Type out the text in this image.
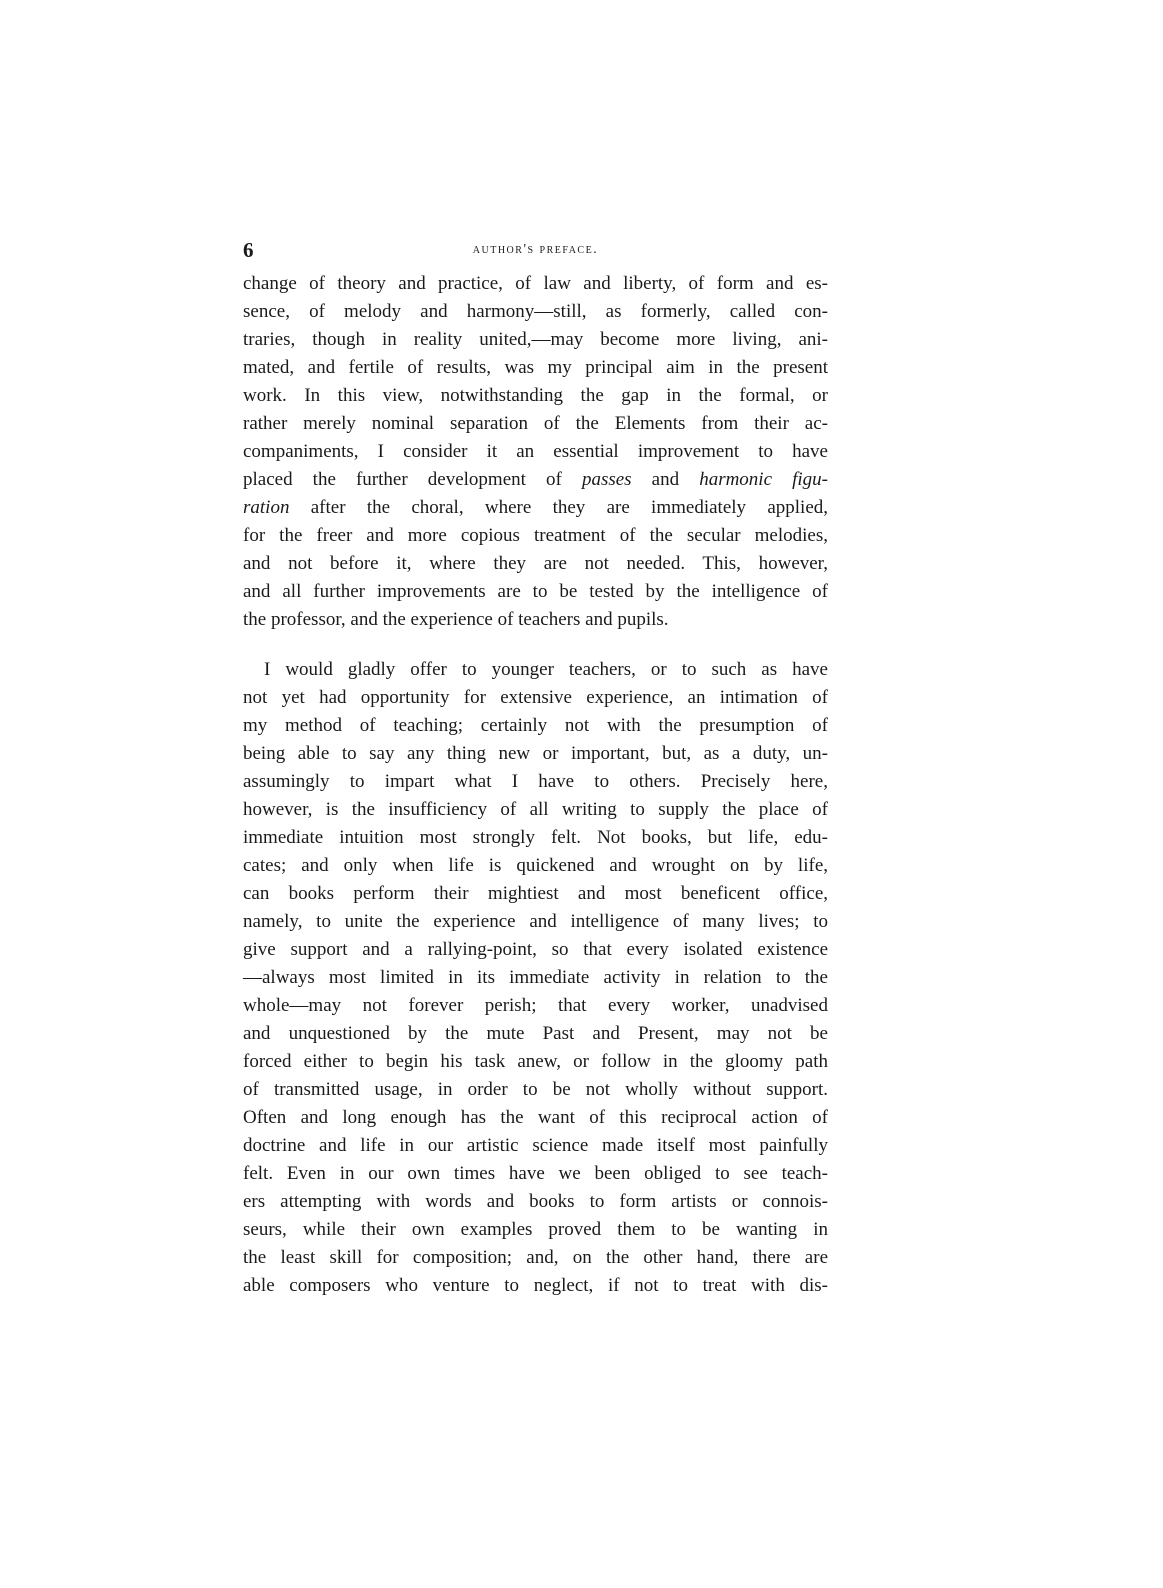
6	author's preface.
change of theory and practice, of law and liberty, of form and es-
sence, of melody and harmony—still, as formerly, called con-
traries, though in reality united,—may become more living, ani-
mated, and fertile of results, was my principal aim in the present
work. In this view, notwithstanding the gap in the formal, or
rather merely nominal separation of the Elements from their ac-
companiments, I consider it an essential improvement to have
placed the further development of passes and harmonic figu-
ration after the choral, where they are immediately applied,
for the freer and more copious treatment of the secular melodies,
and not before it, where they are not needed. This, however,
and all further improvements are to be tested by the intelligence of
the professor, and the experience of teachers and pupils.
I would gladly offer to younger teachers, or to such as have
not yet had opportunity for extensive experience, an intimation of
my method of teaching; certainly not with the presumption of
being able to say any thing new or important, but, as a duty, un-
assumingly to impart what I have to others. Precisely here,
however, is the insufficiency of all writing to supply the place of
immediate intuition most strongly felt. Not books, but life, edu-
cates; and only when life is quickened and wrought on by life,
can books perform their mightiest and most beneficent office,
namely, to unite the experience and intelligence of many lives; to
give support and a rallying-point, so that every isolated existence
—always most limited in its immediate activity in relation to the
whole—may not forever perish; that every worker, unadvised
and unquestioned by the mute Past and Present, may not be
forced either to begin his task anew, or follow in the gloomy path
of transmitted usage, in order to be not wholly without support.
Often and long enough has the want of this reciprocal action of
doctrine and life in our artistic science made itself most painfully
felt. Even in our own times have we been obliged to see teach-
ers attempting with words and books to form artists or connois-
seurs, while their own examples proved them to be wanting in
the least skill for composition; and, on the other hand, there are
able composers who venture to neglect, if not to treat with dis-
